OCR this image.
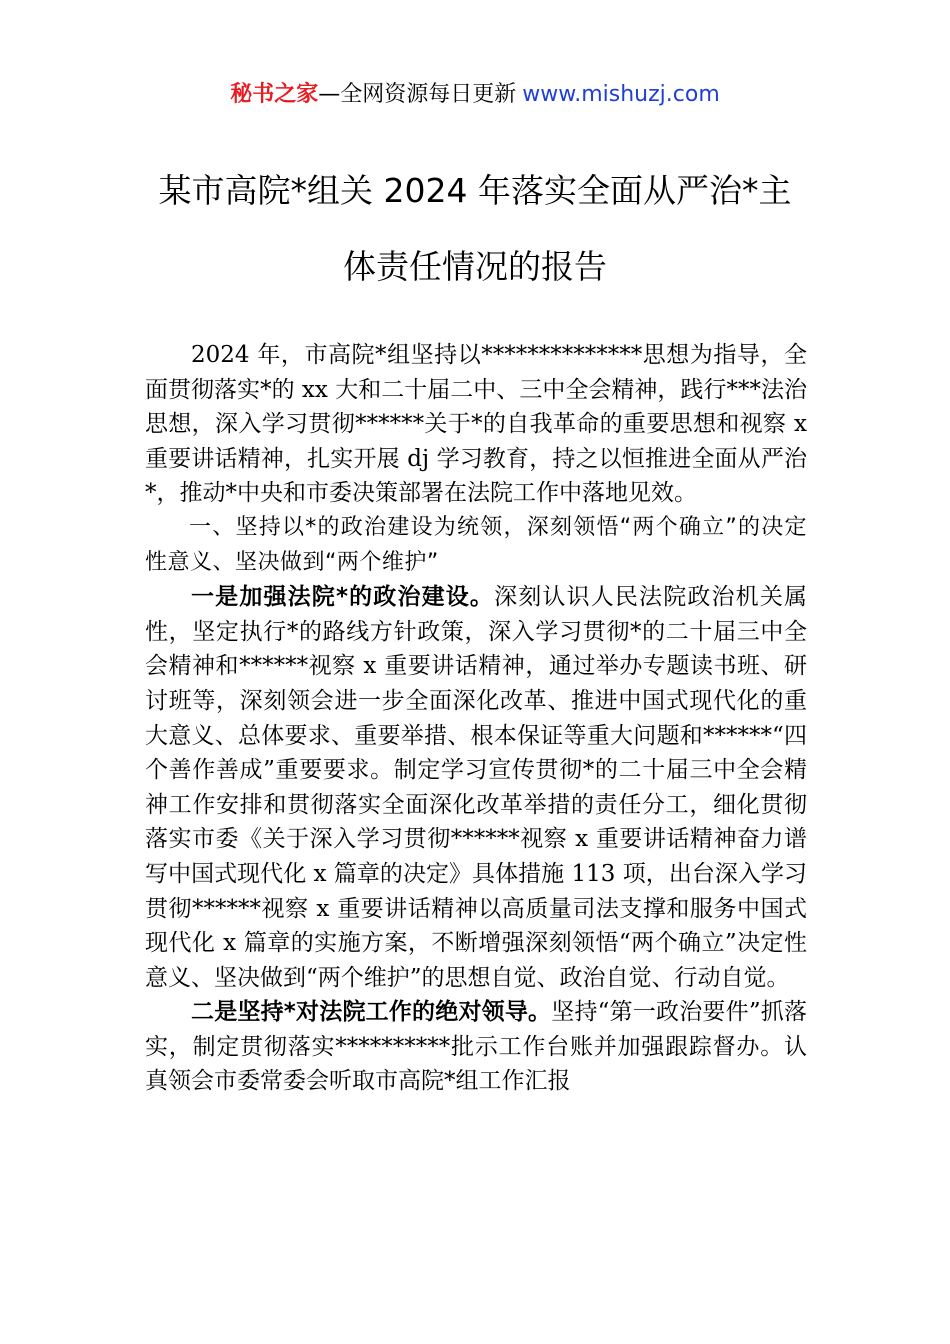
秘书之家—全网资源每日更新 www.mishuzj.com
某市高院*组关 2024 年落实全面从严治*主
体责任情况的报告

2024 年，市高院*组坚持以**************思想为指导，全面贯彻落实*的 xx 大和二十届二中、三中全会精神，践行***法治思想，深入学习贯彻******关于*的自我革命的重要思想和视察 x 重要讲话精神，扎实开展 dj 学习教育，持之以恒推进全面从严治*，推动*中央和市委决策部署在法院工作中落地见效。

一、坚持以*的政治建设为统领，深刻领悟“两个确立”的决定性意义、坚决做到“两个维护”

一是加强法院*的政治建设。深刻认识人民法院政治机关属性，坚定执行*的路线方针政策，深入学习贯彻*的二十届三中全会精神和******视察 x 重要讲话精神，通过举办专题读书班、研讨班等，深刻领会进一步全面深化改革、推进中国式现代化的重大意义、总体要求、重要举措、根本保证等重大问题和******“四个善作善成”重要要求。制定学习宣传贯彻*的二十届三中全会精神工作安排和贯彻落实全面深化改革举措的责任分工，细化贯彻落实市委《关于深入学习贯彻******视察 x 重要讲话精神奋力谱写中国式现代化 x 篇章的决定》具体措施 113 项，出台深入学习贯彻******视察 x 重要讲话精神以高质量司法支撑和服务中国式现代化 x 篇章的实施方案，不断增强深刻领悟“两个确立”决定性意义、坚决做到“两个维护”的思想自觉、政治自觉、行动自觉。

二是坚持*对法院工作的绝对领导。坚持“第一政治要件”抓落实，制定贯彻落实**********批示工作台账并加强跟踪督办。认真领会市委常委会听取市高院*组工作汇报
